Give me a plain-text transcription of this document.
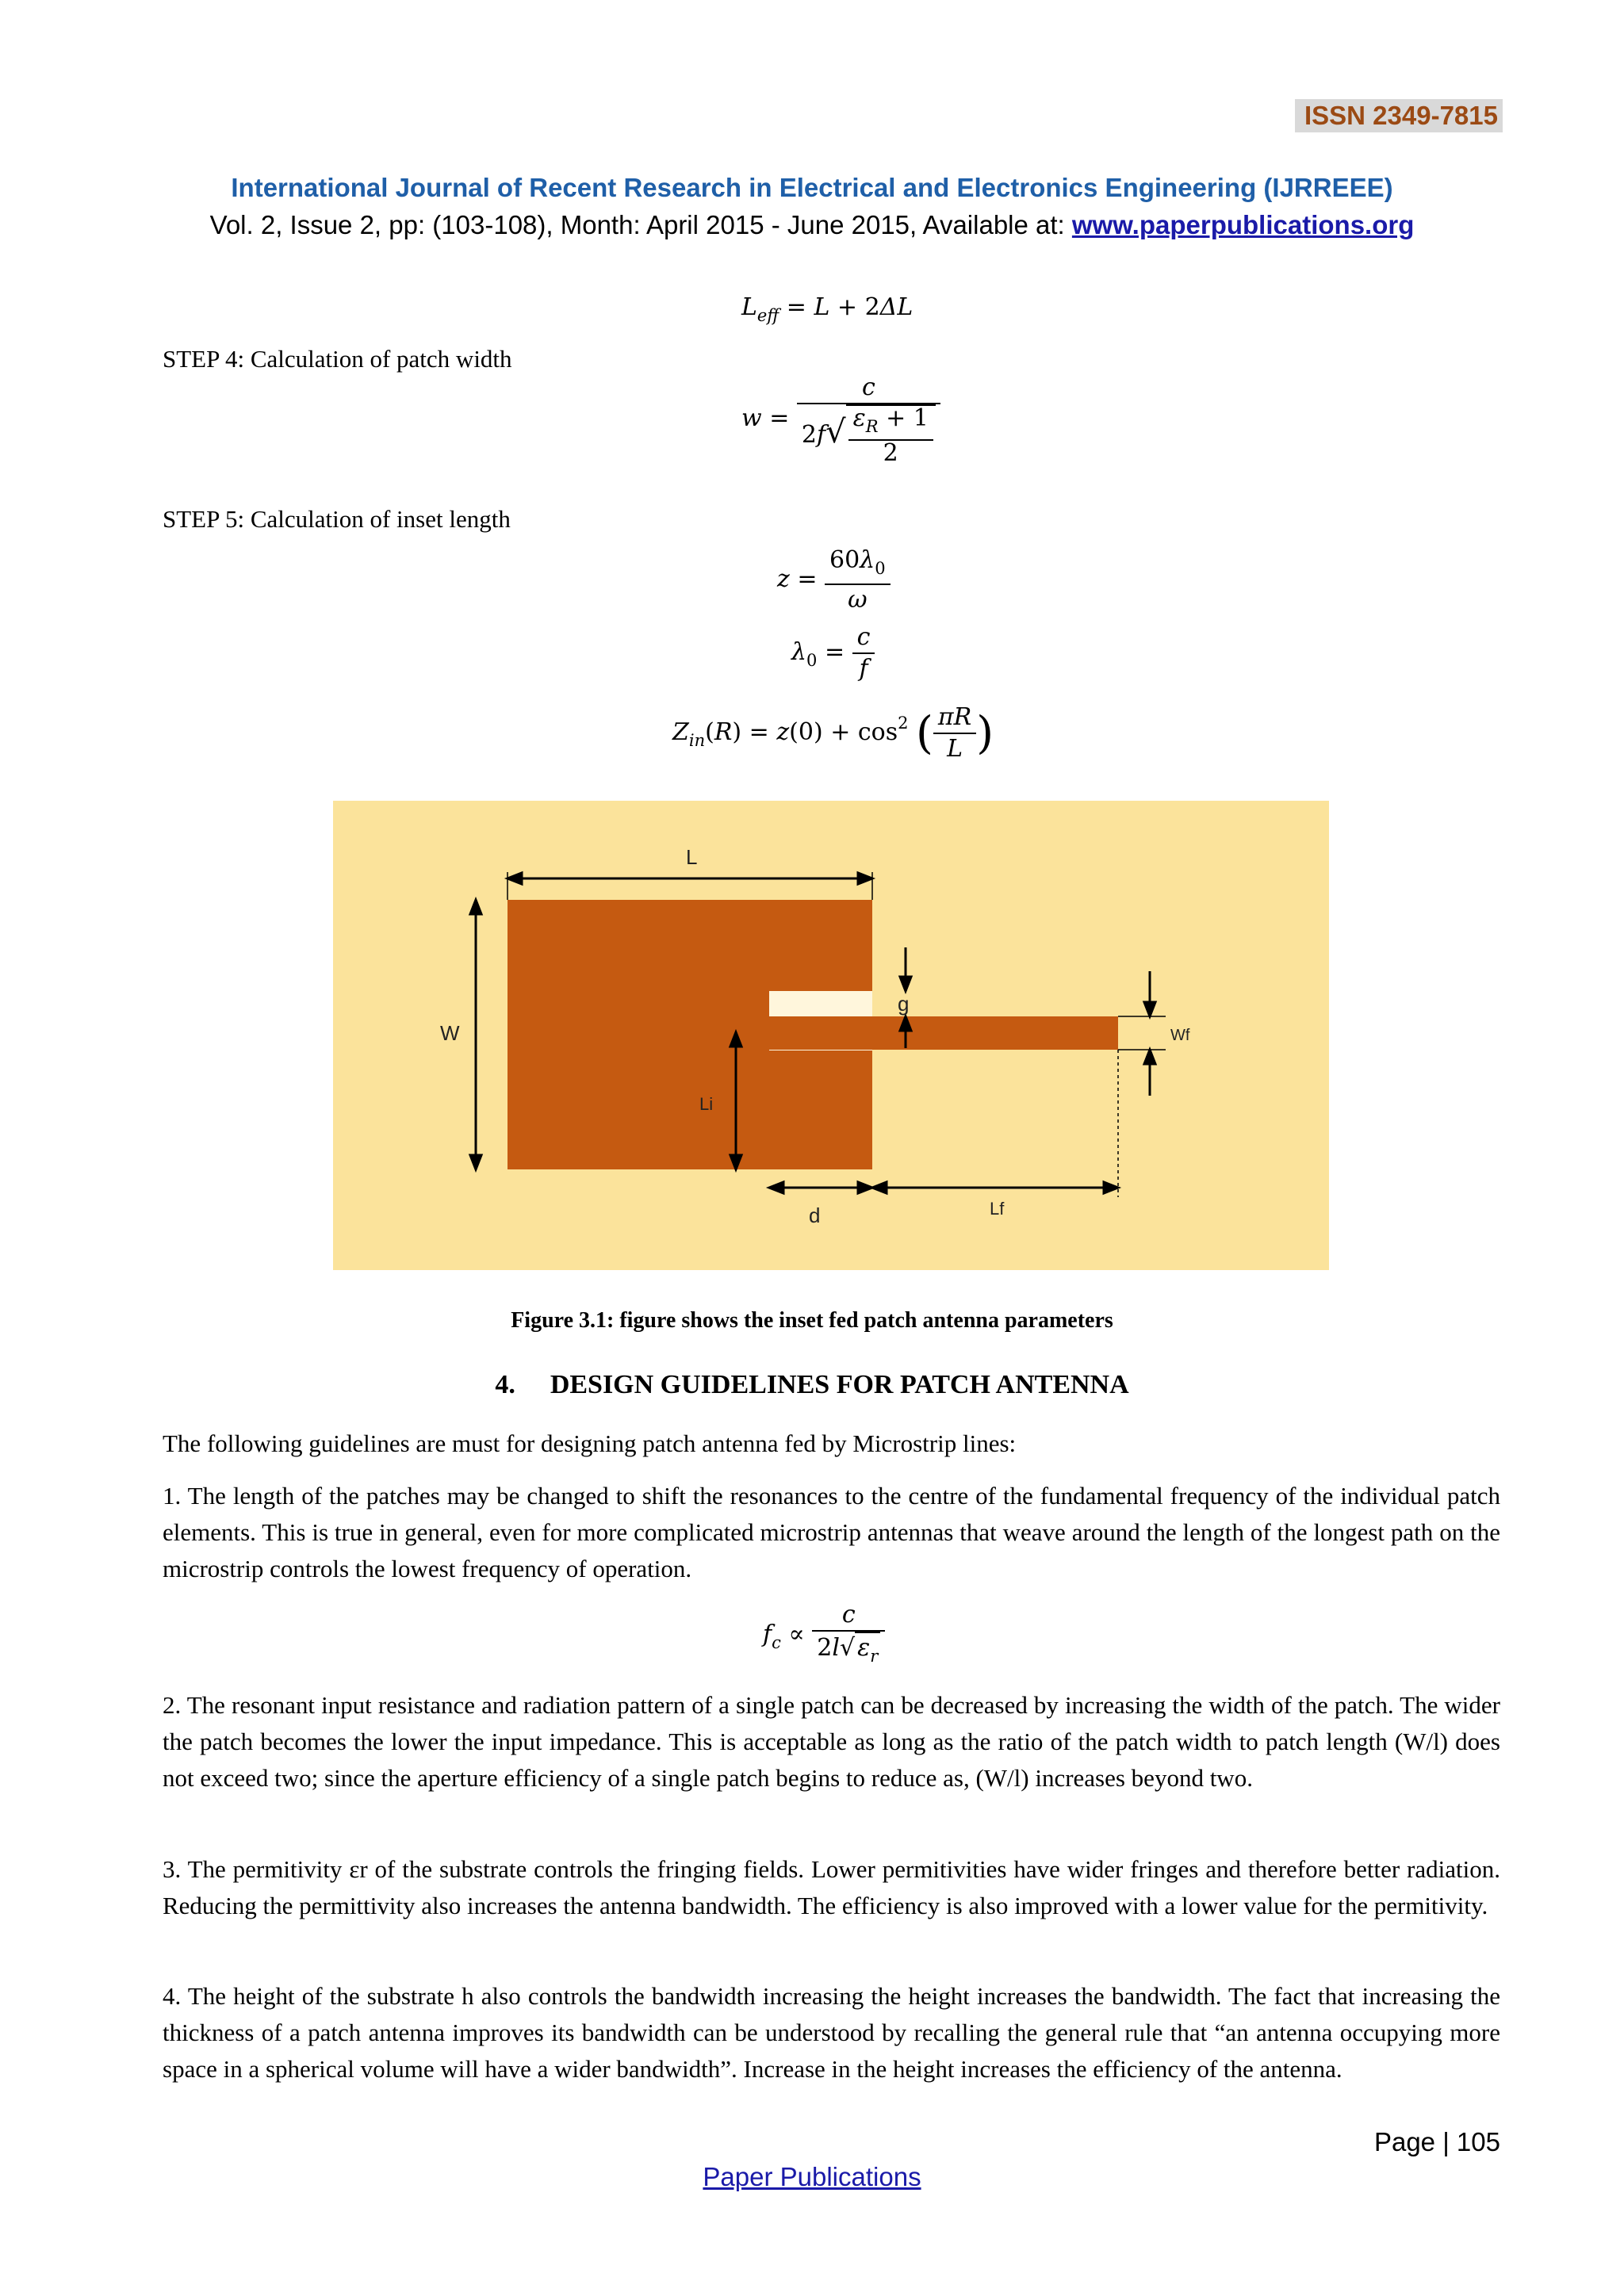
ISSN 2349-7815
International Journal of Recent Research in Electrical and Electronics Engineering (IJRREEE)
Vol. 2, Issue 2, pp: (103-108), Month: April 2015 - June 2015, Available at: www.paperpublications.org
$L_{eff} = L + 2\Delta L$
STEP 4: Calculation of patch width
$w = \frac{c}{2f√ \frac{\varepsilon_R + 1}{2}}$
STEP 5: Calculation of inset length
$z = \frac{60\lambda_0}{\omega}$
$\lambda_0 = \frac{c}{f}$
$Z_{in}(R) = z(0) + \cos^2$ ( $\frac{\pi R}{L}$ )
L
W
g
Wf
Li
d	Lf
Figure 3.1: figure shows the inset fed patch antenna parameters
4. DESIGN GUIDELINES FOR PATCH ANTENNA
The following guidelines are must for designing patch antenna fed by Microstrip lines:
1. The length of the patches may be changed to shift the resonances to the centre of the fundamental frequency of the individual patch elements. This is true in general, even for more complicated microstrip antennas that weave around the length of the longest path on the microstrip controls the lowest frequency of operation.
$f_c \propto \frac{c}{2l√ \varepsilon_r}$
2. The resonant input resistance and radiation pattern of a single patch can be decreased by increasing the width of the patch. The wider the patch becomes the lower the input impedance. This is acceptable as long as the ratio of the patch width to patch length (W/l) does not exceed two; since the aperture efficiency of a single patch begins to reduce as, (W/l) increases beyond two.
3. The permitivity εr of the substrate controls the fringing fields. Lower permitivities have wider fringes and therefore better radiation. Reducing the permittivity also increases the antenna bandwidth. The efficiency is also improved with a lower value for the permitivity.
4. The height of the substrate h also controls the bandwidth increasing the height increases the bandwidth. The fact that increasing the thickness of a patch antenna improves its bandwidth can be understood by recalling the general rule that “an antenna occupying more space in a spherical volume will have a wider bandwidth”. Increase in the height increases the efficiency of the antenna.
Page | 105
Paper Publications
